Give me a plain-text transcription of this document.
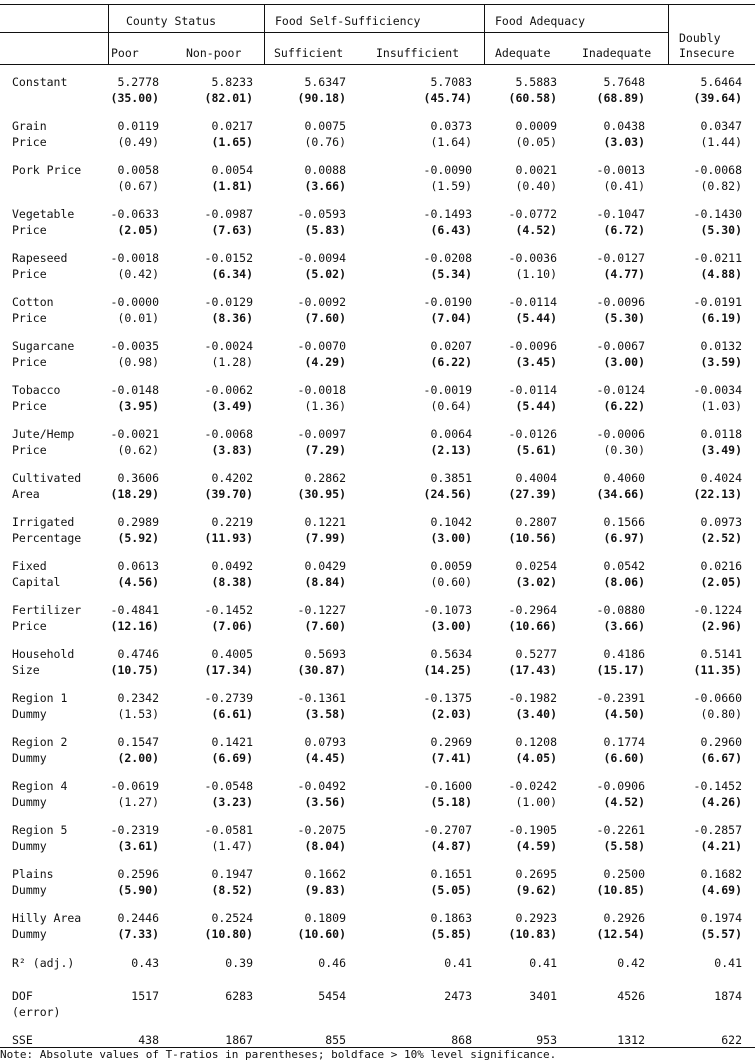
County Status	Food Self-Sufficiency	Food Adequacy
Doubly
Insecure
Poor	Non-poor	Sufficient	Insufficient	Adequate	Inadequate
Constant	5.2778	5.8233	5.6347	5.7083	5.5883	5.7648	5.6464
(35.00)	(82.01)	(90.18)	(45.74)	(60.58)	(68.89)	(39.64)
Grain
Price
0.0119	0.0217	0.0075	0.0373	0.0009	0.0438	0.0347
(0.49)	(1.65)	(0.76)	(1.64)	(0.05)	(3.03)	(1.44)
Pork Price	0.0058	0.0054	0.0088	-0.0090	0.0021	-0.0013	-0.0068
(0.67)	(1.81)	(3.66)	(1.59)	(0.40)	(0.41)	(0.82)
Vegetable
Price
-0.0633	-0.0987	-0.0593	-0.1493	-0.0772	-0.1047	-0.1430
(2.05)	(7.63)	(5.83)	(6.43)	(4.52)	(6.72)	(5.30)
Rapeseed
Price
-0.0018	-0.0152	-0.0094	-0.0208	-0.0036	-0.0127	-0.0211
(0.42)	(6.34)	(5.02)	(5.34)	(1.10)	(4.77)	(4.88)
Cotton
Price
-0.0000	-0.0129	-0.0092	-0.0190	-0.0114	-0.0096	-0.0191
(0.01)	(8.36)	(7.60)	(7.04)	(5.44)	(5.30)	(6.19)
Sugarcane
Price
-0.0035	-0.0024	-0.0070	0.0207	-0.0096	-0.0067	0.0132
(0.98)	(1.28)	(4.29)	(6.22)	(3.45)	(3.00)	(3.59)
Tobacco
Price
-0.0148	-0.0062	-0.0018	-0.0019	-0.0114	-0.0124	-0.0034
(3.95)	(3.49)	(1.36)	(0.64)	(5.44)	(6.22)	(1.03)
Jute/Hemp
Price
-0.0021	-0.0068	-0.0097	0.0064	-0.0126	-0.0006	0.0118
(0.62)	(3.83)	(7.29)	(2.13)	(5.61)	(0.30)	(3.49)
Cultivated
Area
0.3606	0.4202	0.2862	0.3851	0.4004	0.4060	0.4024
(18.29)	(39.70)	(30.95)	(24.56)	(27.39)	(34.66)	(22.13)
Irrigated
Percentage
0.2989	0.2219	0.1221	0.1042	0.2807	0.1566	0.0973
(5.92)	(11.93)	(7.99)	(3.00)	(10.56)	(6.97)	(2.52)
Fixed
Capital
0.0613	0.0492	0.0429	0.0059	0.0254	0.0542	0.0216
(4.56)	(8.38)	(8.84)	(0.60)	(3.02)	(8.06)	(2.05)
Fertilizer
Price
-0.4841	-0.1452	-0.1227	-0.1073	-0.2964	-0.0880	-0.1224
(12.16)	(7.06)	(7.60)	(3.00)	(10.66)	(3.66)	(2.96)
Household
Size
0.4746	0.4005	0.5693	0.5634	0.5277	0.4186	0.5141
(10.75)	(17.34)	(30.87)	(14.25)	(17.43)	(15.17)	(11.35)
Region 1
Dummy
0.2342	-0.2739	-0.1361	-0.1375	-0.1982	-0.2391	-0.0660
(1.53)	(6.61)	(3.58)	(2.03)	(3.40)	(4.50)	(0.80)
Region 2
Dummy
0.1547	0.1421	0.0793	0.2969	0.1208	0.1774	0.2960
(2.00)	(6.69)	(4.45)	(7.41)	(4.05)	(6.60)	(6.67)
Region 4
Dummy
-0.0619	-0.0548	-0.0492	-0.1600	-0.0242	-0.0906	-0.1452
(1.27)	(3.23)	(3.56)	(5.18)	(1.00)	(4.52)	(4.26)
Region 5
Dummy
-0.2319	-0.0581	-0.2075	-0.2707	-0.1905	-0.2261	-0.2857
(3.61)	(1.47)	(8.04)	(4.87)	(4.59)	(5.58)	(4.21)
Plains
Dummy
0.2596	0.1947	0.1662	0.1651	0.2695	0.2500	0.1682
(5.90)	(8.52)	(9.83)	(5.05)	(9.62)	(10.85)	(4.69)
Hilly Area
Dummy
0.2446	0.2524	0.1809	0.1863	0.2923	0.2926	0.1974
(7.33)	(10.80)	(10.60)	(5.85)	(10.83)	(12.54)	(5.57)
R² (adj.)	0.43	0.39	0.46	0.41	0.41	0.42	0.41
DOF
(error)
1517	6283	5454	2473	3401	4526	1874
SSE	438	1867	855	868	953	1312	622
Note: Absolute values of T-ratios in parentheses; boldface > 10% level significance.
